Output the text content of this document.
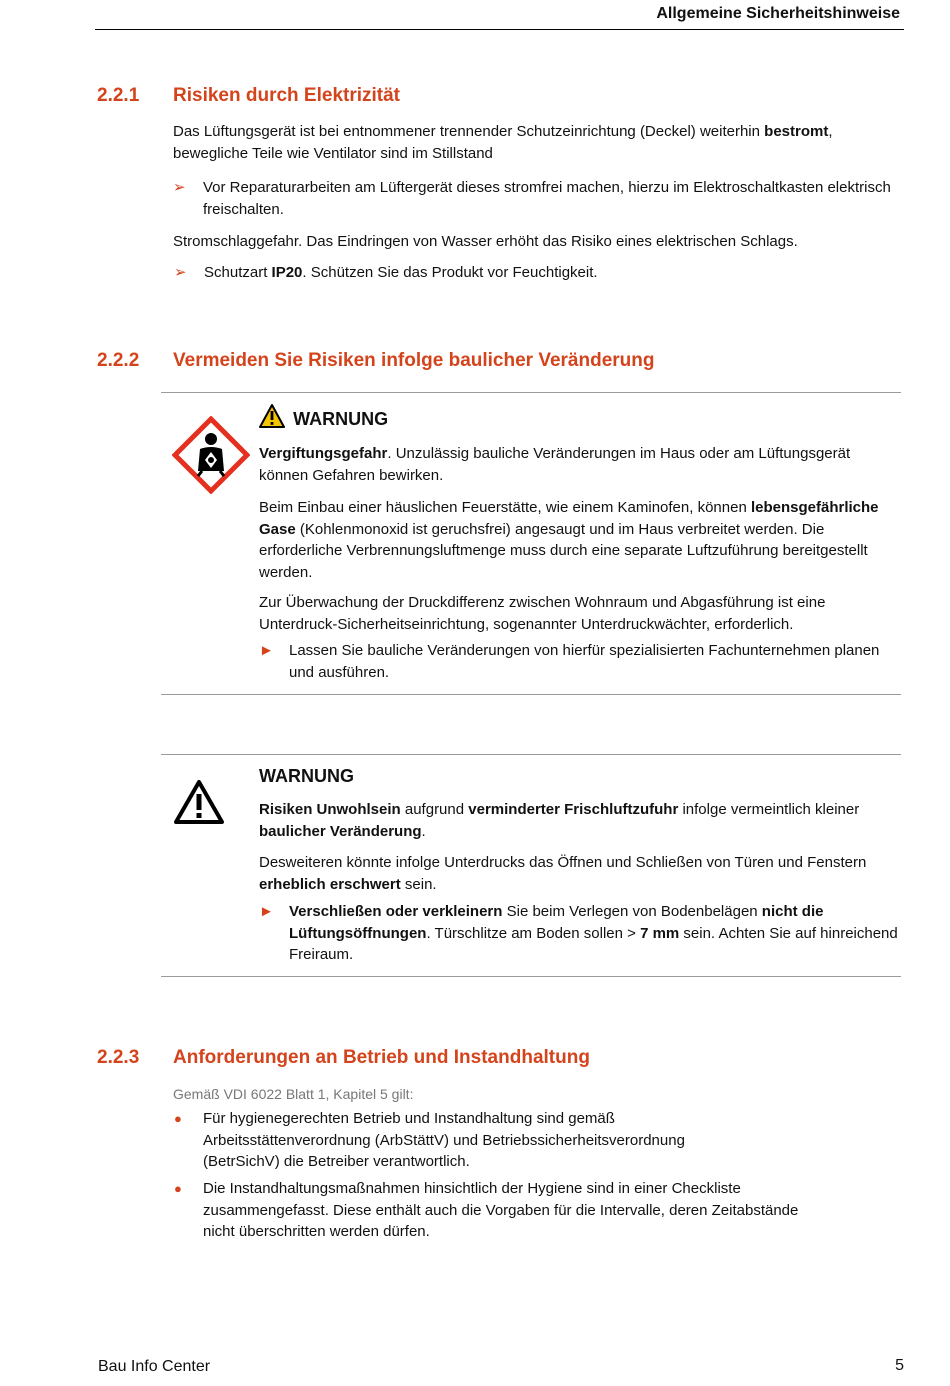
Allgemeine Sicherheitshinweise
2.2.1 Risiken durch Elektrizität
Das Lüftungsgerät ist bei entnommener trennender Schutzeinrichtung (Deckel) weiterhin bestromt, bewegliche Teile wie Ventilator sind im Stillstand
➢ Vor Reparaturarbeiten am Lüftergerät dieses stromfrei machen, hierzu im Elektroschaltkasten elektrisch freischalten.
Stromschlaggefahr. Das Eindringen von Wasser erhöht das Risiko eines elektrischen Schlags.
➢ Schutzart IP20. Schützen Sie das Produkt vor Feuchtigkeit.
2.2.2 Vermeiden Sie Risiken infolge baulicher Veränderung
WARNUNG
Vergiftungsgefahr. Unzulässig bauliche Veränderungen im Haus oder am Lüftungsgerät können Gefahren bewirken.
Beim Einbau einer häuslichen Feuerstätte, wie einem Kaminofen, können lebensgefährliche Gase (Kohlenmonoxid ist geruchsfrei) angesaugt und im Haus verbreitet werden. Die erforderliche Verbrennungsluftmenge muss durch eine separate Luftzuführung bereitgestellt werden.
Zur Überwachung der Druckdifferenz zwischen Wohnraum und Abgasführung ist eine Unterdruck-Sicherheitseinrichtung, sogenannter Unterdruckwächter, erforderlich.
► Lassen Sie bauliche Veränderungen von hierfür spezialisierten Fachunternehmen planen und ausführen.
WARNUNG
Risiken Unwohlsein aufgrund verminderter Frischluftzufuhr infolge vermeintlich kleiner baulicher Veränderung.
Desweiteren könnte infolge Unterdrucks das Öffnen und Schließen von Türen und Fenstern erheblich erschwert sein.
► Verschließen oder verkleinern Sie beim Verlegen von Bodenbelägen nicht die Lüftungsöffnungen. Türschlitze am Boden sollen > 7 mm sein. Achten Sie auf hinreichend Freiraum.
2.2.3 Anforderungen an Betrieb und Instandhaltung
Gemäß VDI 6022 Blatt 1, Kapitel 5 gilt:
● Für hygienegerechten Betrieb und Instandhaltung sind gemäß Arbeitsstättenverordnung (ArbStättV) und Betriebssicherheitsverordnung (BetrSichV) die Betreiber verantwortlich.
● Die Instandhaltungsmaßnahmen hinsichtlich der Hygiene sind in einer Checkliste zusammengefasst. Diese enthält auch die Vorgaben für die Intervalle, deren Zeitabstände nicht überschritten werden dürfen.
Bau Info Center	5
